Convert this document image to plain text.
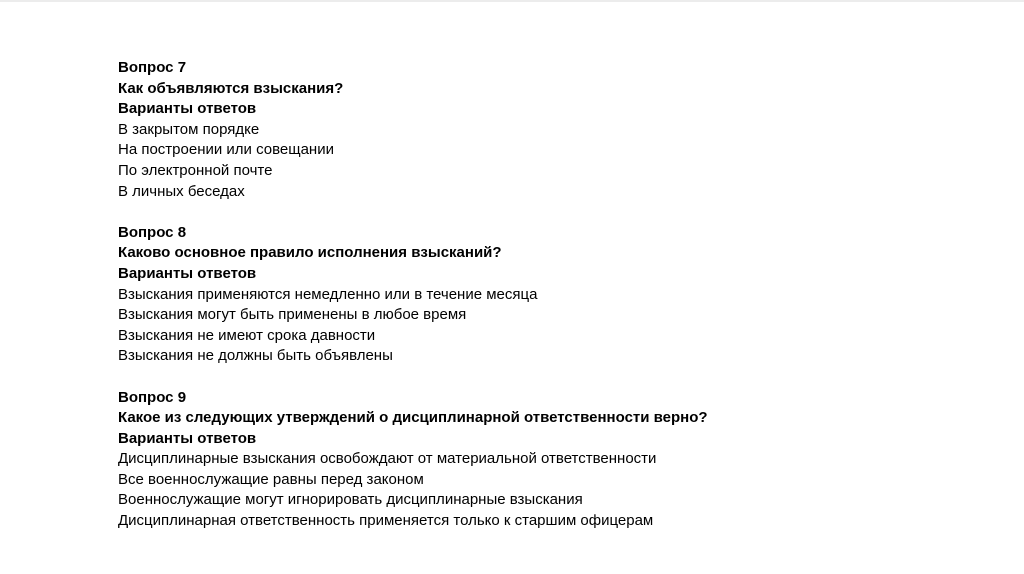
Вопрос 7
Как объявляются взыскания?
Варианты ответов
В закрытом порядке
На построении или совещании
По электронной почте
В личных беседах
Вопрос 8
Каково основное правило исполнения взысканий?
Варианты ответов
Взыскания применяются немедленно или в течение месяца
Взыскания могут быть применены в любое время
Взыскания не имеют срока давности
Взыскания не должны быть объявлены
Вопрос 9
Какое из следующих утверждений о дисциплинарной ответственности верно?
Варианты ответов
Дисциплинарные взыскания освобождают от материальной ответственности
Все военнослужащие равны перед законом
Военнослужащие могут игнорировать дисциплинарные взыскания
Дисциплинарная ответственность применяется только к старшим офицерам
